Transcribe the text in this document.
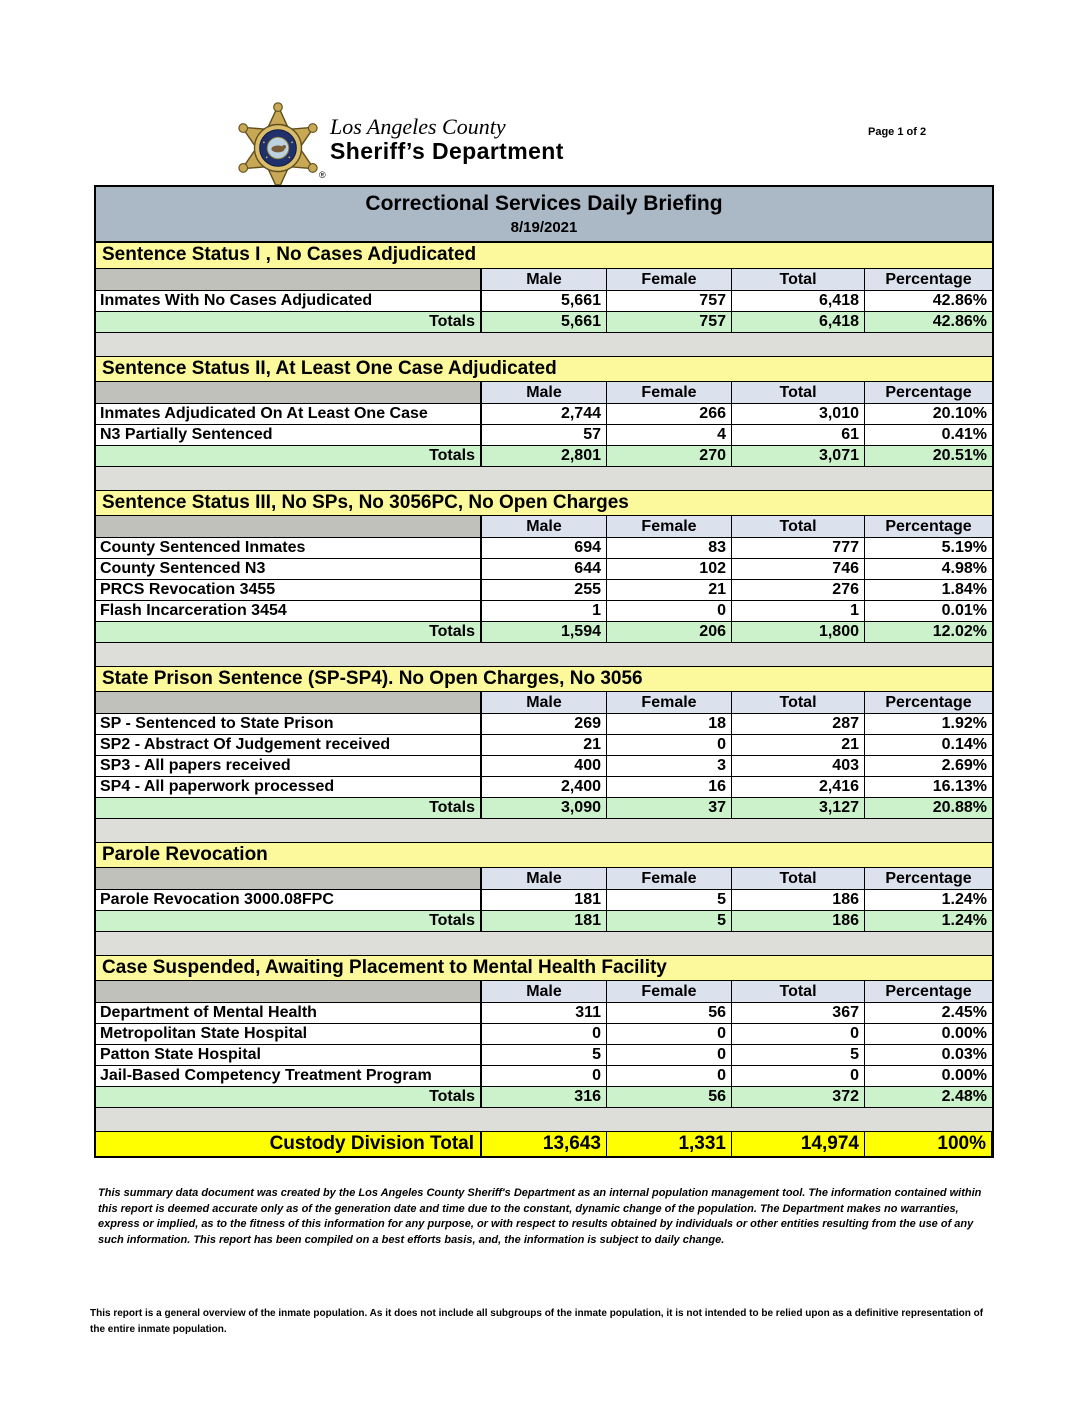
®
Los Angeles County
Sheriff’s Department
Page 1 of 2
Correctional Services Daily Briefing
8/19/2021
Sentence Status I , No Cases Adjudicated
Male	Female	Total	Percentage
Inmates With No Cases Adjudicated	5,661	757	6,418	42.86%
Totals	5,661	757	6,418	42.86%
Sentence Status II, At Least One Case Adjudicated
Male	Female	Total	Percentage
Inmates Adjudicated On At Least One Case	2,744	266	3,010	20.10%
N3 Partially Sentenced	57	4	61	0.41%
Totals	2,801	270	3,071	20.51%
Sentence Status III, No SPs, No 3056PC, No Open Charges
Male	Female	Total	Percentage
County Sentenced Inmates	694	83	777	5.19%
County Sentenced N3	644	102	746	4.98%
PRCS Revocation 3455	255	21	276	1.84%
Flash Incarceration 3454	1	0	1	0.01%
Totals	1,594	206	1,800	12.02%
State Prison Sentence (SP-SP4). No Open Charges, No 3056
Male	Female	Total	Percentage
SP - Sentenced to State Prison	269	18	287	1.92%
SP2 - Abstract Of Judgement received	21	0	21	0.14%
SP3 - All papers received	400	3	403	2.69%
SP4 - All paperwork processed	2,400	16	2,416	16.13%
Totals	3,090	37	3,127	20.88%
Parole Revocation
Male	Female	Total	Percentage
Parole Revocation 3000.08FPC	181	5	186	1.24%
Totals	181	5	186	1.24%
Case Suspended, Awaiting Placement to Mental Health Facility
Male	Female	Total	Percentage
Department of Mental Health	311	56	367	2.45%
Metropolitan State Hospital	0	0	0	0.00%
Patton State Hospital	5	0	5	0.03%
Jail-Based Competency Treatment Program	0	0	0	0.00%
Totals	316	56	372	2.48%
Custody Division Total	13,643	1,331	14,974	100%
This summary data document was created by the Los Angeles County Sheriff's Department as an internal population management tool. The information contained within this report is deemed accurate only as of the generation date and time due to the constant, dynamic change of the population. The Department makes no warranties, express or implied, as to the fitness of this information for any purpose, or with respect to results obtained by individuals or other entities resulting from the use of any such information. This report has been compiled on a best efforts basis, and, the information is subject to daily change.
This report is a general overview of the inmate population. As it does not include all subgroups of the inmate population, it is not intended to be relied upon as a definitive representation of the entire inmate population.
